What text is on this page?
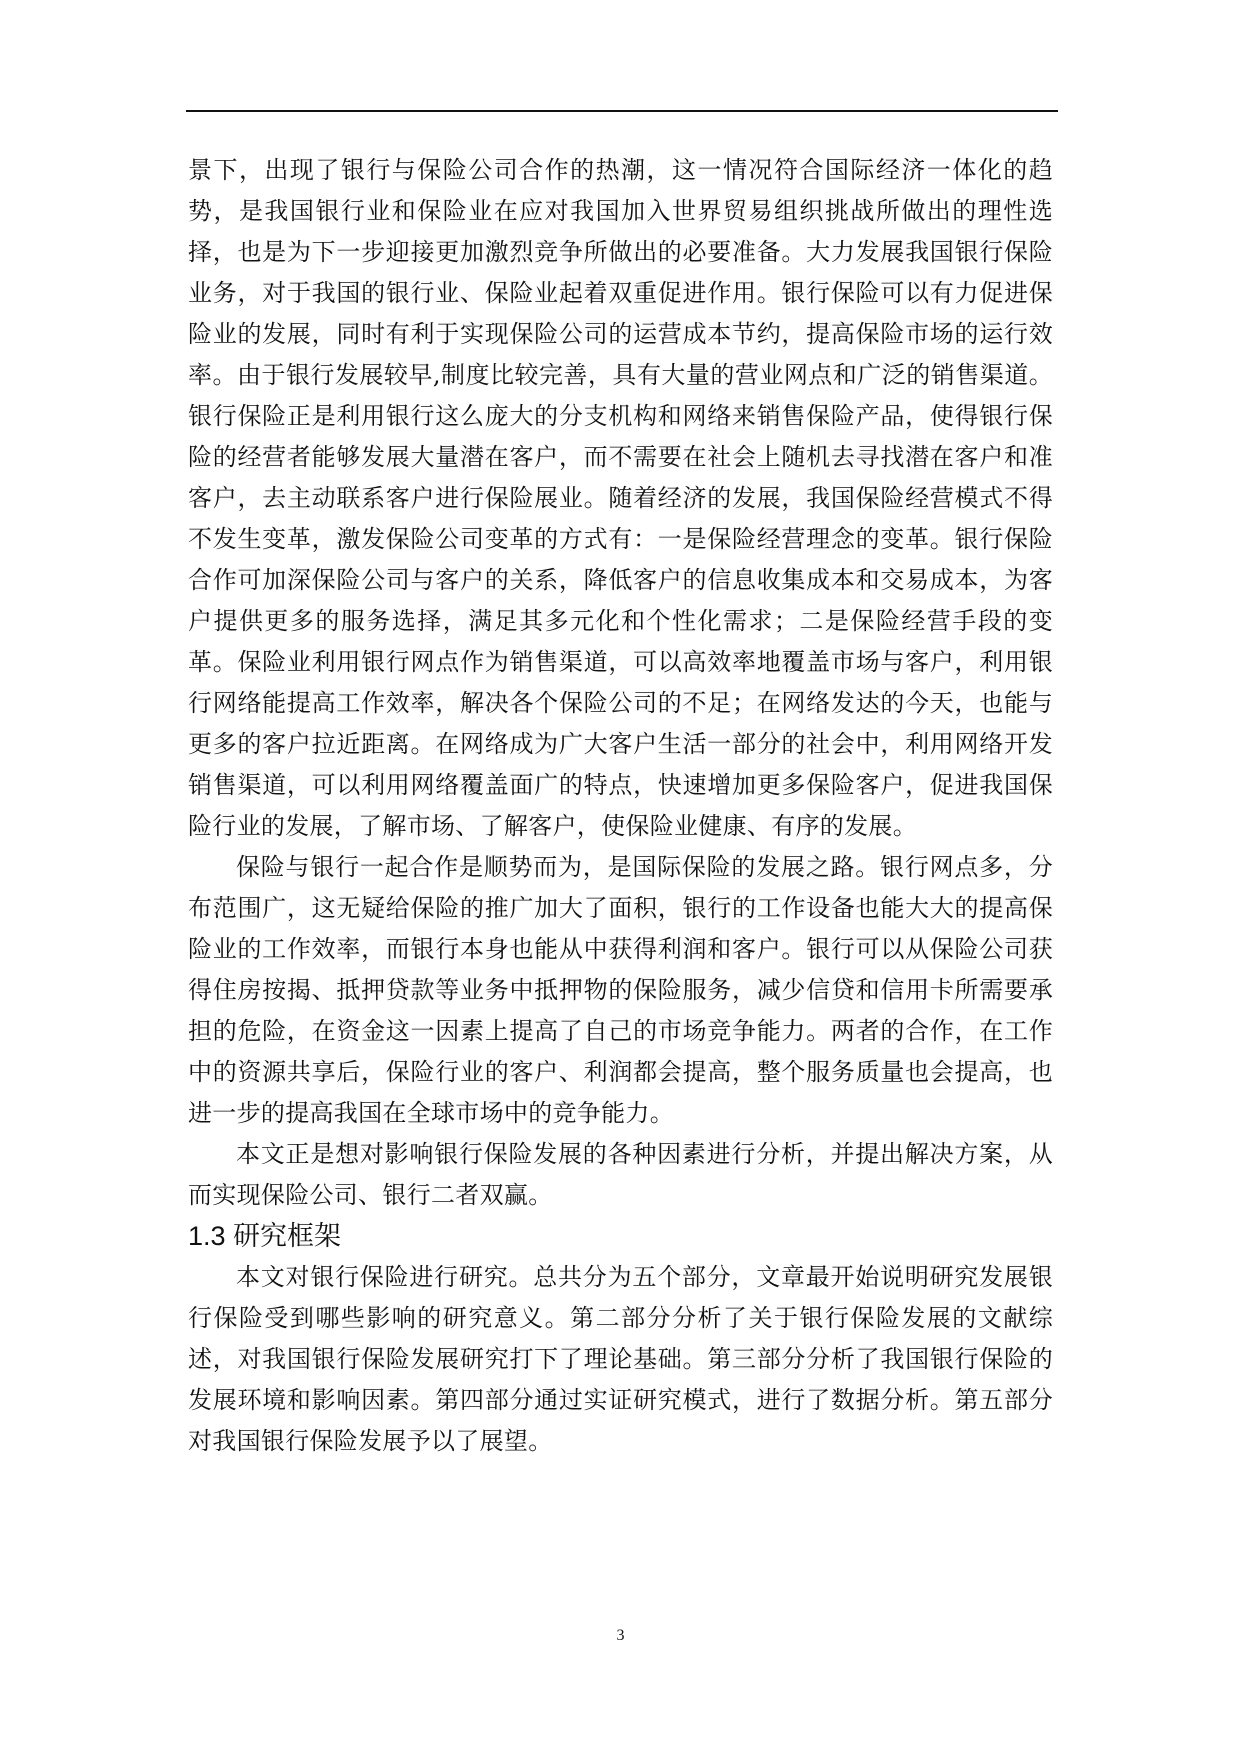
景下，出现了银行与保险公司合作的热潮，这一情况符合国际经济一体化的趋势，是我国银行业和保险业在应对我国加入世界贸易组织挑战所做出的理性选择，也是为下一步迎接更加激烈竞争所做出的必要准备。大力发展我国银行保险业务，对于我国的银行业、保险业起着双重促进作用。银行保险可以有力促进保险业的发展，同时有利于实现保险公司的运营成本节约，提高保险市场的运行效率。由于银行发展较早,制度比较完善，具有大量的营业网点和广泛的销售渠道。银行保险正是利用银行这么庞大的分支机构和网络来销售保险产品，使得银行保险的经营者能够发展大量潜在客户，而不需要在社会上随机去寻找潜在客户和准客户，去主动联系客户进行保险展业。随着经济的发展，我国保险经营模式不得不发生变革，激发保险公司变革的方式有：一是保险经营理念的变革。银行保险合作可加深保险公司与客户的关系，降低客户的信息收集成本和交易成本，为客户提供更多的服务选择，满足其多元化和个性化需求；二是保险经营手段的变革。保险业利用银行网点作为销售渠道，可以高效率地覆盖市场与客户，利用银行网络能提高工作效率，解决各个保险公司的不足；在网络发达的今天，也能与更多的客户拉近距离。在网络成为广大客户生活一部分的社会中，利用网络开发销售渠道，可以利用网络覆盖面广的特点，快速增加更多保险客户，促进我国保险行业的发展，了解市场、了解客户，使保险业健康、有序的发展。

保险与银行一起合作是顺势而为，是国际保险的发展之路。银行网点多，分布范围广，这无疑给保险的推广加大了面积，银行的工作设备也能大大的提高保险业的工作效率，而银行本身也能从中获得利润和客户。银行可以从保险公司获得住房按揭、抵押贷款等业务中抵押物的保险服务，减少信贷和信用卡所需要承担的危险，在资金这一因素上提高了自己的市场竞争能力。两者的合作，在工作中的资源共享后，保险行业的客户、利润都会提高，整个服务质量也会提高，也进一步的提高我国在全球市场中的竞争能力。

本文正是想对影响银行保险发展的各种因素进行分析，并提出解决方案，从而实现保险公司、银行二者双赢。

1.3 研究框架

本文对银行保险进行研究。总共分为五个部分，文章最开始说明研究发展银行保险受到哪些影响的研究意义。第二部分分析了关于银行保险发展的文献综述，对我国银行保险发展研究打下了理论基础。第三部分分析了我国银行保险的发展环境和影响因素。第四部分通过实证研究模式，进行了数据分析。第五部分对我国银行保险发展予以了展望。

3
